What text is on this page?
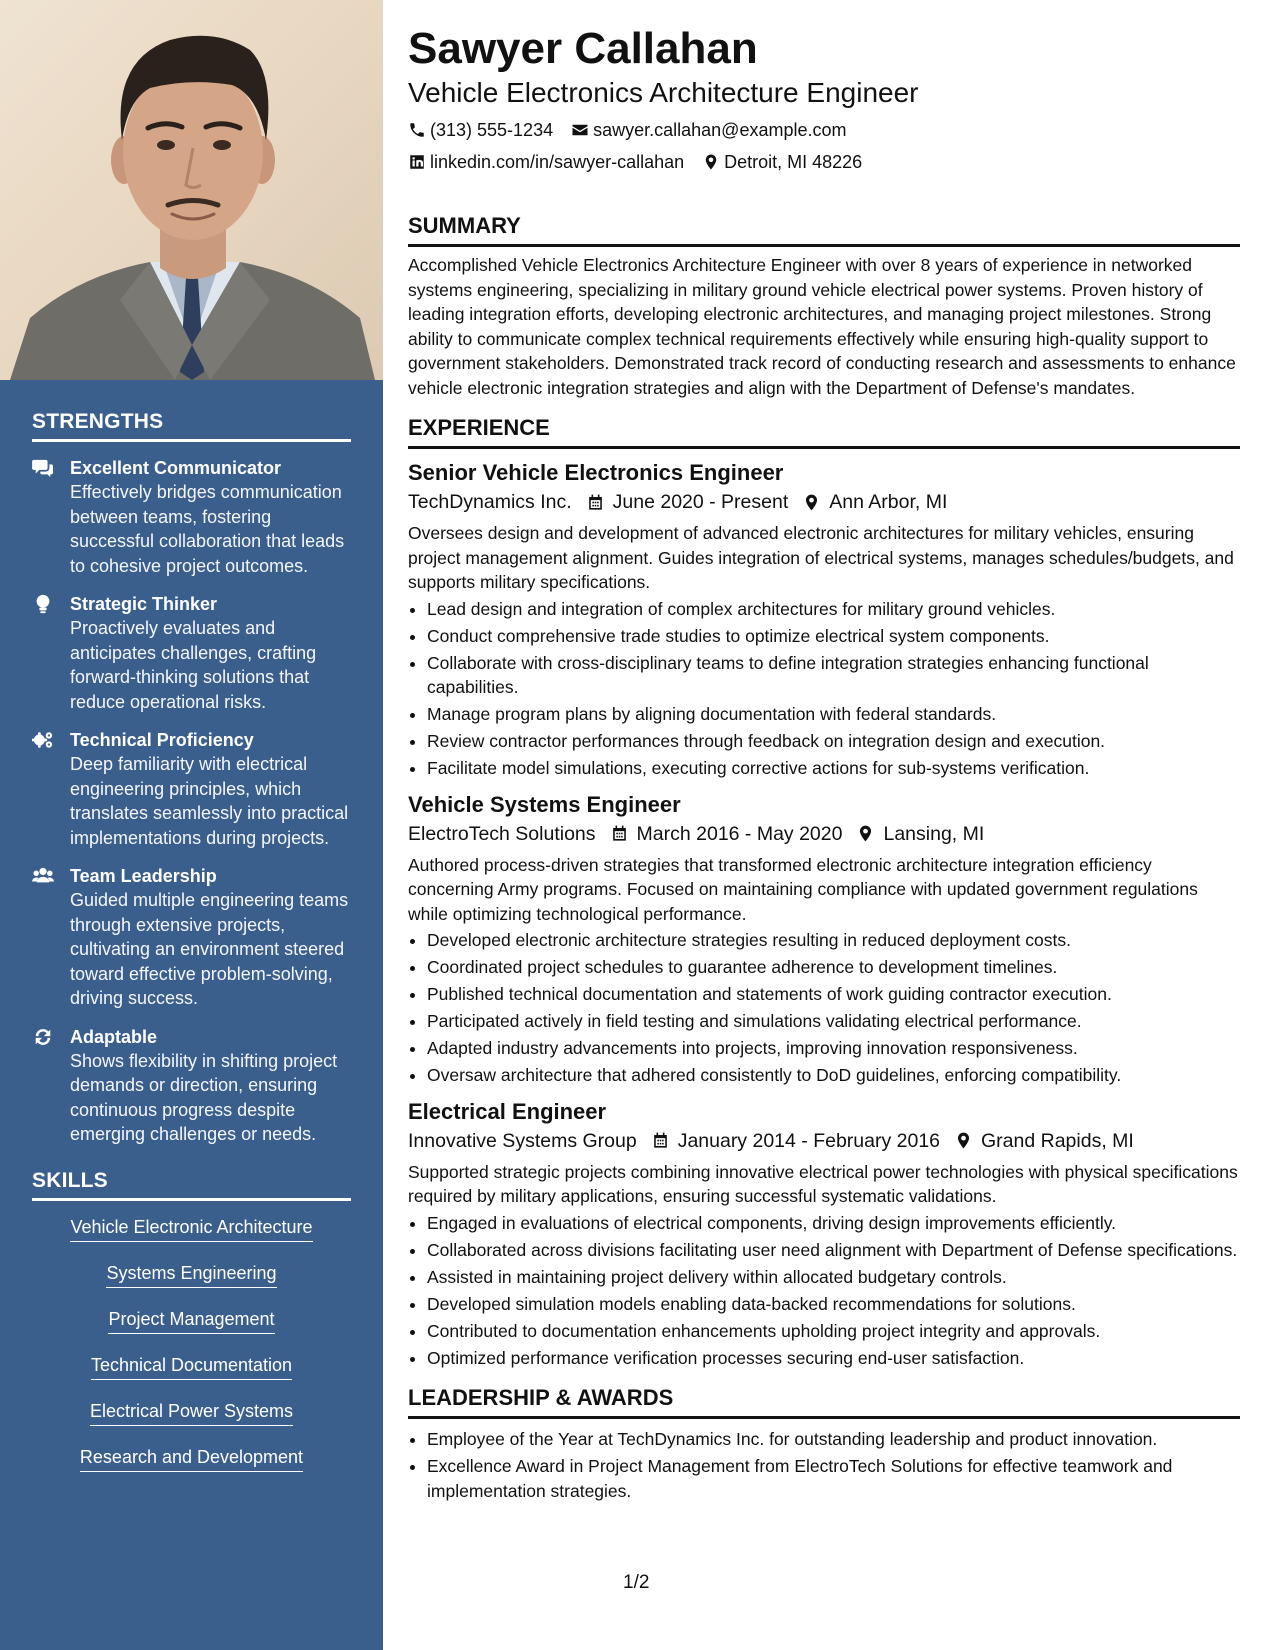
STRENGTHS
Excellent Communicator
Effectively bridges communication between teams, fostering successful collaboration that leads to cohesive project outcomes.
Strategic Thinker
Proactively evaluates and anticipates challenges, crafting forward-thinking solutions that reduce operational risks.
Technical Proficiency
Deep familiarity with electrical engineering principles, which translates seamlessly into practical implementations during projects.
Team Leadership
Guided multiple engineering teams through extensive projects, cultivating an environment steered toward effective problem-solving, driving success.
Adaptable
Shows flexibility in shifting project demands or direction, ensuring continuous progress despite emerging challenges or needs.
SKILLS
Vehicle Electronic Architecture
Systems Engineering
Project Management
Technical Documentation
Electrical Power Systems
Research and Development
Sawyer Callahan
Vehicle Electronics Architecture Engineer
(313) 555-1234 sawyer.callahan@example.com
linkedin.com/in/sawyer-callahan Detroit, MI 48226
SUMMARY

Accomplished Vehicle Electronics Architecture Engineer with over 8 years of experience in networked systems engineering, specializing in military ground vehicle electrical power systems. Proven history of leading integration efforts, developing electronic architectures, and managing project milestones. Strong ability to communicate complex technical requirements effectively while ensuring high-quality support to government stakeholders. Demonstrated track record of conducting research and assessments to enhance vehicle electronic integration strategies and align with the Department of Defense's mandates.

EXPERIENCE
Senior Vehicle Electronics Engineer
TechDynamics Inc. June 2020 - Present Ann Arbor, MI

Oversees design and development of advanced electronic architectures for military vehicles, ensuring project management alignment. Guides integration of electrical systems, manages schedules/budgets, and supports military specifications.

• Lead design and integration of complex architectures for military ground vehicles.
• Conduct comprehensive trade studies to optimize electrical system components.
• Collaborate with cross-disciplinary teams to define integration strategies enhancing functional capabilities.
• Manage program plans by aligning documentation with federal standards.
• Review contractor performances through feedback on integration design and execution.
• Facilitate model simulations, executing corrective actions for sub-systems verification.
Vehicle Systems Engineer
ElectroTech Solutions March 2016 - May 2020 Lansing, MI

Authored process-driven strategies that transformed electronic architecture integration efficiency concerning Army programs. Focused on maintaining compliance with updated government regulations while optimizing technological performance.

• Developed electronic architecture strategies resulting in reduced deployment costs.
• Coordinated project schedules to guarantee adherence to development timelines.
• Published technical documentation and statements of work guiding contractor execution.
• Participated actively in field testing and simulations validating electrical performance.
• Adapted industry advancements into projects, improving innovation responsiveness.
• Oversaw architecture that adhered consistently to DoD guidelines, enforcing compatibility.
Electrical Engineer
Innovative Systems Group January 2014 - February 2016 Grand Rapids, MI

Supported strategic projects combining innovative electrical power technologies with physical specifications required by military applications, ensuring successful systematic validations.

• Engaged in evaluations of electrical components, driving design improvements efficiently.
• Collaborated across divisions facilitating user need alignment with Department of Defense specifications.
• Assisted in maintaining project delivery within allocated budgetary controls.
• Developed simulation models enabling data-backed recommendations for solutions.
• Contributed to documentation enhancements upholding project integrity and approvals.
• Optimized performance verification processes securing end-user satisfaction.
LEADERSHIP & AWARDS
• Employee of the Year at TechDynamics Inc. for outstanding leadership and product innovation.
• Excellence Award in Project Management from ElectroTech Solutions for effective teamwork and implementation strategies.
1/2
